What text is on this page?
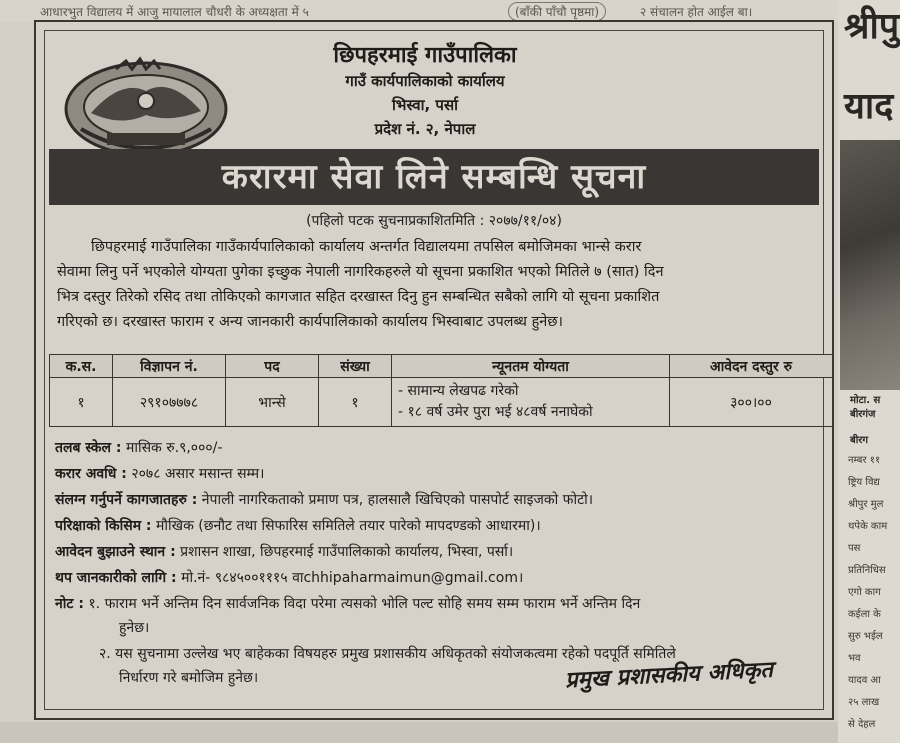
आधारभुत विद्यालय में आजु मायालाल चौधरी के अध्यक्षता में ५	(बाँकी पाँचौ पृष्ठमा)	२ संचालन होत आईल बा।	श्रीपु
याद
मोटा. स
बीरगंज
बीरग
नम्बर ११
ष्ट्रिय विद्य
श्रीपुर मुल
थपेके काम
पस
प्रतिनिधिस
एगो काग
कईला के
सुरु भईल
भव
यादव आ
२५ लाख
से देहल
छिपहरमाई गाउँपालिका
गाउँ कार्यपालिकाको कार्यालय
भिस्वा, पर्सा
प्रदेश नं. २, नेपाल
करारमा सेवा लिने सम्बन्धि सूचना
(पहिलो पटक सुचनाप्रकाशितमिति : २०७७/११/०४)
छिपहरमाई गाउँपालिका गाउँकार्यपालिकाको कार्यालय अन्तर्गत विद्यालयमा तपसिल बमोजिमका भान्से करार
सेवामा लिनु पर्ने भएकोले योग्यता पुगेका इच्छुक नेपाली नागरिकहरुले यो सूचना प्रकाशित भएको मितिले ७ (सात) दिन
भित्र दस्तुर तिरेको रसिद तथा तोकिएको कागजात सहित दरखास्त दिनु हुन सम्बन्धित सबैको लागि यो सूचना प्रकाशित
गरिएको छ। दरखास्त फाराम र अन्य जानकारी कार्यपालिकाको कार्यालय भिस्वाबाट उपलब्ध हुनेछ।
क.स.	विज्ञापन नं.	पद	संख्या	न्यूनतम योग्यता	आवेदन दस्तुर रु
१	२९१०७७७८	भान्से	१	- सामान्य लेखपढ गरेको
- १८ वर्ष उमेर पुरा भई ४८वर्ष ननाघेको	३००।००
तलब स्केल : मासिक रु.९,०००/-
करार अवधि : २०७८ असार मसान्त सम्म।
संलग्न गर्नुपर्ने कागजातहरु : नेपाली नागरिकताको प्रमाण पत्र, हालसालै खिचिएको पासपोर्ट साइजको फोटो।
परिक्षाको किसिम : मौखिक (छनौट तथा सिफारिस समितिले तयार पारेको मापदण्डको आधारमा)।
आवेदन बुझाउने स्थान : प्रशासन शाखा, छिपहरमाई गाउँपालिकाको कार्यालय, भिस्वा, पर्सा।
थप जानकारीको लागि : मो.नं- ९८४५००१११५ वाchhipaharmaimun@gmail.com।
नोट : १. फाराम भर्ने अन्तिम दिन सार्वजनिक विदा परेमा त्यसको भोलि पल्ट सोहि समय सम्म फाराम भर्ने अन्तिम दिन
हुनेछ।
२. यस सुचनामा उल्लेख भए बाहेकका विषयहरु प्रमुख प्रशासकीय अधिकृतको संयोजकत्वमा रहेको पदपूर्ति समितिले
निर्धारण गरे बमोजिम हुनेछ।	प्रमुख प्रशासकीय अधिकृत
